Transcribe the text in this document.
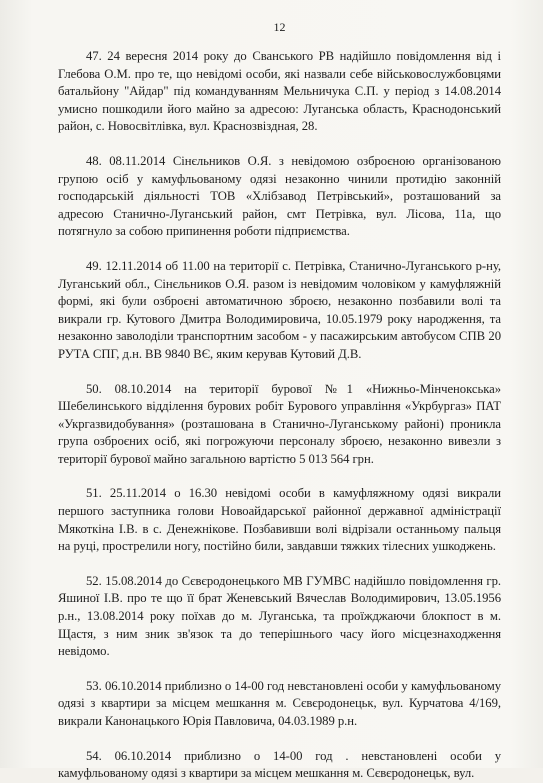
12

47. 24 вересня 2014 року до Сванського РВ надійшло повідомлення від і Глебова О.М. про те, що невідомі особи, які назвали себе військовослужбовцями батальйону "Айдар" під командуванням Мельничука С.П. у період з 14.08.2014 умисно пошкодили його майно за адресою: Луганська область, Краснодонський район, с. Новосвітлівка, вул. Краснозвіздная, 28.

48. 08.11.2014 Сінєльников О.Я. з невідомою озброєною організованою групою осіб у камуфльованому одязі незаконно чинили протидію законній господарській діяльності ТОВ «Хлібзавод Петрівський», розташований за адресою Станично-Луганський район, смт Петрівка, вул. Лісова, 11а, що потягнуло за собою припинення роботи підприємства.

49. 12.11.2014 об 11.00 на території с. Петрівка, Станично-Луганського р-ну, Луганський обл., Сінєльников О.Я. разом із невідомим чоловіком у камуфляжній формі, які були озброєні автоматичною зброєю, незаконно позбавили волі та викрали гр. Кутового Дмитра Володимировича, 10.05.1979 року народження, та незаконно заволоділи транспортним засобом - у пасажирським автобусом СПВ 20 РУТА СПГ, д.н. ВВ 9840 ВЄ, яким керував Кутовий Д.В.

50. 08.10.2014 на території бурової №1 «Нижньо-Мінченокська» Шебелинського відділення бурових робіт Бурового управління «Укрбургаз» ПАТ «Укргазвидобування» (розташована в Станично-Луганському районі) проникла група озброєних осіб, які погрожуючи персоналу зброєю, незаконно вивезли з території бурової майно загальною вартістю 5 013 564 грн.

51. 25.11.2014 о 16.30 невідомі особи в камуфляжному одязі викрали першого заступника голови Новоайдарської районної державної адміністрації Мякоткіна І.В. в с. Денежнікове. Позбавивши волі відрізали останньому пальця на руці, прострелили ногу, постійно били, завдавши тяжких тілесних ушкоджень.

52. 15.08.2014 до Сєвєродонецького МВ ГУМВС надійшло повідомлення гр. Яшиної І.В. про те що її брат Женевський Вячеслав Володимирович, 13.05.1956 р.н., 13.08.2014 року поїхав до м. Луганська, та проїжджаючи блокпост в м. Щастя, з ним зник зв'язок та до теперішнього часу його місцезнаходження невідомо.

53. 06.10.2014 приблизно о 14-00 год невстановлені особи у камуфльованому одязі з квартири за місцем мешкання м. Сєвєродонецьк, вул. Курчатова 4/169, викрали Канонацького Юрія Павловича, 04.03.1989 р.н.

54. 06.10.2014 приблизно о 14-00 год . невстановлені особи у камуфльованому одязі з квартири за місцем мешкання м. Сєвєродонецьк, вул.
